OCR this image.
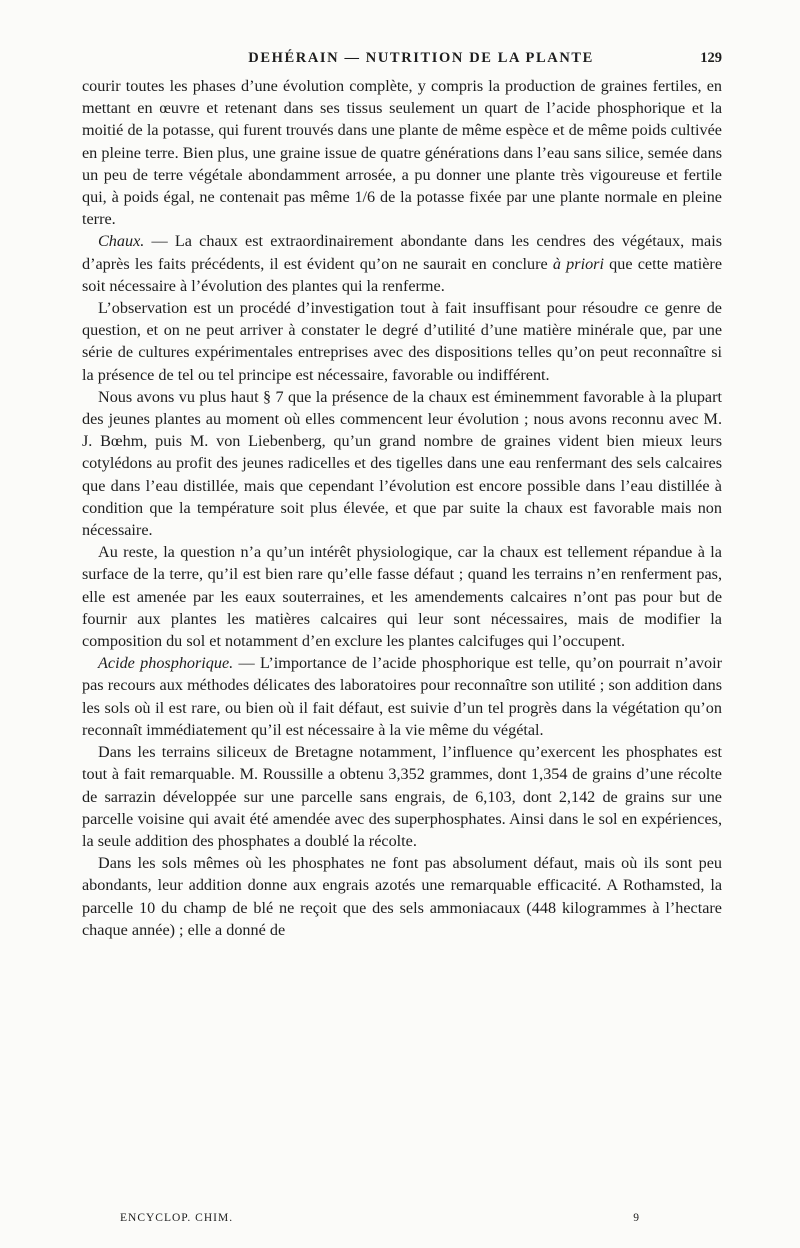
DEHÉRAIN — NUTRITION DE LA PLANTE	129

courir toutes les phases d’une évolution complète, y compris la production de graines fertiles, en mettant en œuvre et retenant dans ses tissus seulement un quart de l’acide phosphorique et la moitié de la potasse, qui furent trouvés dans une plante de même espèce et de même poids cultivée en pleine terre. Bien plus, une graine issue de quatre générations dans l’eau sans silice, semée dans un peu de terre végétale abondamment arrosée, a pu donner une plante très vigoureuse et fertile qui, à poids égal, ne contenait pas même 1/6 de la potasse fixée par une plante normale en pleine terre.

Chaux. — La chaux est extraordinairement abondante dans les cendres des végétaux, mais d’après les faits précédents, il est évident qu’on ne saurait en conclure à priori que cette matière soit nécessaire à l’évolution des plantes qui la renferme.

L’observation est un procédé d’investigation tout à fait insuffisant pour résoudre ce genre de question, et on ne peut arriver à constater le degré d’utilité d’une matière minérale que, par une série de cultures expérimentales entreprises avec des dispositions telles qu’on peut reconnaître si la présence de tel ou tel principe est nécessaire, favorable ou indifférent.

Nous avons vu plus haut § 7 que la présence de la chaux est éminemment favorable à la plupart des jeunes plantes au moment où elles commencent leur évolution ; nous avons reconnu avec M. J. Bœhm, puis M. von Liebenberg, qu’un grand nombre de graines vident bien mieux leurs cotylédons au profit des jeunes radicelles et des tigelles dans une eau renfermant des sels calcaires que dans l’eau distillée, mais que cependant l’évolution est encore possible dans l’eau distillée à condition que la température soit plus élevée, et que par suite la chaux est favorable mais non nécessaire.

Au reste, la question n’a qu’un intérêt physiologique, car la chaux est tellement répandue à la surface de la terre, qu’il est bien rare qu’elle fasse défaut ; quand les terrains n’en renferment pas, elle est amenée par les eaux souterraines, et les amendements calcaires n’ont pas pour but de fournir aux plantes les matières calcaires qui leur sont nécessaires, mais de modifier la composition du sol et notamment d’en exclure les plantes calcifuges qui l’occupent.

Acide phosphorique. — L’importance de l’acide phosphorique est telle, qu’on pourrait n’avoir pas recours aux méthodes délicates des laboratoires pour reconnaître son utilité ; son addition dans les sols où il est rare, ou bien où il fait défaut, est suivie d’un tel progrès dans la végétation qu’on reconnaît immédiatement qu’il est nécessaire à la vie même du végétal.

Dans les terrains siliceux de Bretagne notamment, l’influence qu’exercent les phosphates est tout à fait remarquable. M. Roussille a obtenu 3,352 grammes, dont 1,354 de grains d’une récolte de sarrazin développée sur une parcelle sans engrais, de 6,103, dont 2,142 de grains sur une parcelle voisine qui avait été amendée avec des superphosphates. Ainsi dans le sol en expériences, la seule addition des phosphates a doublé la récolte.

Dans les sols mêmes où les phosphates ne font pas absolument défaut, mais où ils sont peu abondants, leur addition donne aux engrais azotés une remarquable efficacité. A Rothamsted, la parcelle 10 du champ de blé ne reçoit que des sels ammoniacaux (448 kilogrammes à l’hectare chaque année) ; elle a donné de

ENCYCLOP. CHIM.	9
